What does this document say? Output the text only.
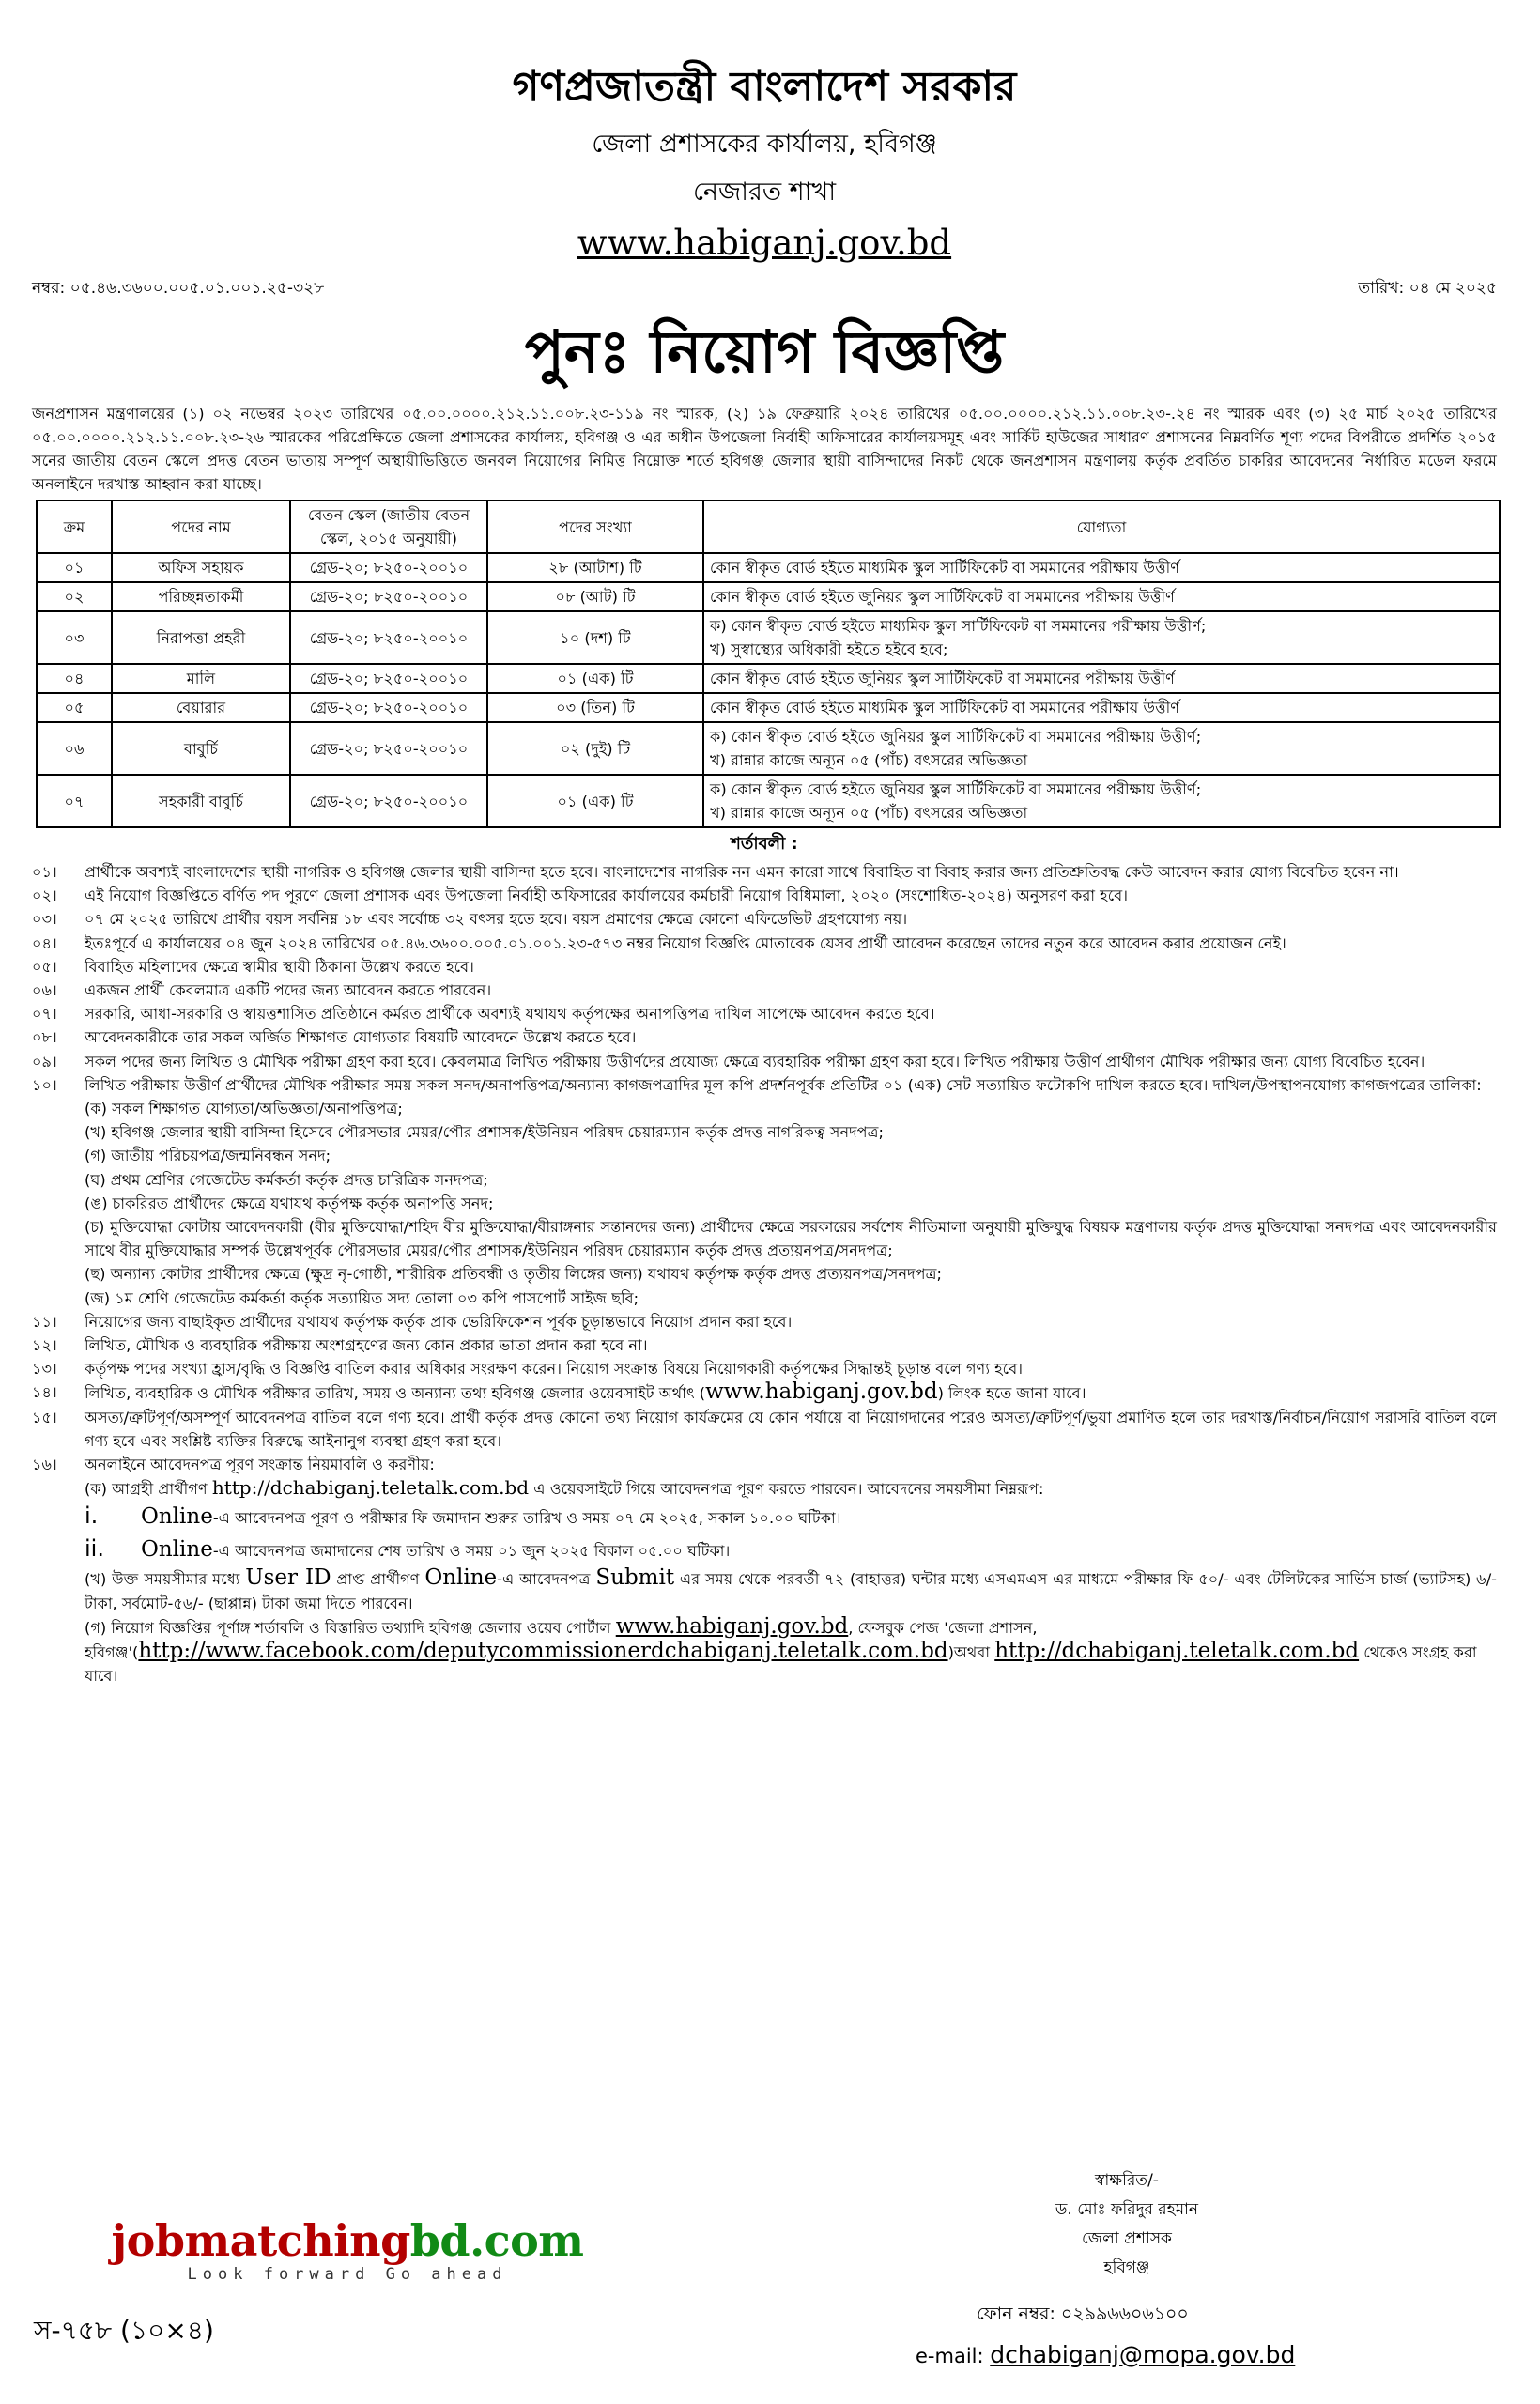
গণপ্রজাতন্ত্রী বাংলাদেশ সরকার
জেলা প্রশাসকের কার্যালয়, হবিগঞ্জ
নেজারত শাখা
www.habiganj.gov.bd
নম্বর: ০৫.৪৬.৩৬০০.০০৫.০১.০০১.২৫-৩২৮	তারিখ: ০৪ মে ২০২৫
পুনঃ নিয়োগ বিজ্ঞপ্তি
জনপ্রশাসন মন্ত্রণালয়ের (১) ০২ নভেম্বর ২০২৩ তারিখের ০৫.০০.০০০০.২১২.১১.০০৮.২৩-১১৯ নং স্মারক, (২) ১৯ ফেব্রুয়ারি ২০২৪ তারিখের ০৫.০০.০০০০.২১২.১১.০০৮.২৩-.২৪ নং স্মারক এবং (৩) ২৫ মার্চ ২০২৫ তারিখের ০৫.০০.০০০০.২১২.১১.০০৮.২৩-২৬ স্মারকের পরিপ্রেক্ষিতে জেলা প্রশাসকের কার্যালয়, হবিগঞ্জ ও এর অধীন উপজেলা নির্বাহী অফিসারের কার্যালয়সমূহ এবং সার্কিট হাউজের সাধারণ প্রশাসনের নিম্নবর্ণিত শূণ্য পদের বিপরীতে প্রদর্শিত ২০১৫ সনের জাতীয় বেতন স্কেলে প্রদত্ত বেতন ভাতায় সম্পূর্ণ অস্থায়ীভিত্তিতে জনবল নিয়োগের নিমিত্ত নিম্নোক্ত শর্তে হবিগঞ্জ জেলার স্থায়ী বাসিন্দাদের নিকট থেকে জনপ্রশাসন মন্ত্রণালয় কর্তৃক প্রবর্তিত চাকরির আবেদনের নির্ধারিত মডেল ফরমে অনলাইনে দরখাস্ত আহ্বান করা যাচ্ছে।
ক্রম	পদের নাম	বেতন স্কেল (জাতীয় বেতন স্কেল, ২০১৫ অনুযায়ী)	পদের সংখ্যা	যোগ্যতা
০১	অফিস সহায়ক	গ্রেড-২০; ৮২৫০-২০০১০	২৮ (আটাশ) টি	কোন স্বীকৃত বোর্ড হইতে মাধ্যমিক স্কুল সার্টিফিকেট বা সমমানের পরীক্ষায় উত্তীর্ণ

০২	পরিচ্ছন্নতাকর্মী	গ্রেড-২০; ৮২৫০-২০০১০	০৮ (আট) টি	কোন স্বীকৃত বোর্ড হইতে জুনিয়র স্কুল সার্টিফিকেট বা সমমানের পরীক্ষায় উত্তীর্ণ

০৩	নিরাপত্তা প্রহরী	গ্রেড-২০; ৮২৫০-২০০১০	১০ (দশ) টি	ক) কোন স্বীকৃত বোর্ড হইতে মাধ্যমিক স্কুল সার্টিফিকেট বা সমমানের পরীক্ষায় উত্তীর্ণ;
খ) সুস্বাস্থ্যের অধিকারী হইতে হইবে হবে;

০৪	মালি	গ্রেড-২০; ৮২৫০-২০০১০	০১ (এক) টি	কোন স্বীকৃত বোর্ড হইতে জুনিয়র স্কুল সার্টিফিকেট বা সমমানের পরীক্ষায় উত্তীর্ণ

০৫	বেয়ারার	গ্রেড-২০; ৮২৫০-২০০১০	০৩ (তিন) টি	কোন স্বীকৃত বোর্ড হইতে মাধ্যমিক স্কুল সার্টিফিকেট বা সমমানের পরীক্ষায় উত্তীর্ণ

০৬	বাবুর্চি	গ্রেড-২০; ৮২৫০-২০০১০	০২ (দুই) টি	ক) কোন স্বীকৃত বোর্ড হইতে জুনিয়র স্কুল সার্টিফিকেট বা সমমানের পরীক্ষায় উত্তীর্ণ;
খ) রান্নার কাজে অন্যূন ০৫ (পাঁচ) বৎসরের অভিজ্ঞতা

০৭	সহকারী বাবুর্চি	গ্রেড-২০; ৮২৫০-২০০১০	০১ (এক) টি	ক) কোন স্বীকৃত বোর্ড হইতে জুনিয়র স্কুল সার্টিফিকেট বা সমমানের পরীক্ষায় উত্তীর্ণ;
খ) রান্নার কাজে অন্যূন ০৫ (পাঁচ) বৎসরের অভিজ্ঞতা
শর্তাবলী :
০১।	প্রার্থীকে অবশ্যই বাংলাদেশের স্থায়ী নাগরিক ও হবিগঞ্জ জেলার স্থায়ী বাসিন্দা হতে হবে। বাংলাদেশের নাগরিক নন এমন কারো সাথে বিবাহিত বা বিবাহ করার জন্য প্রতিশ্রুতিবদ্ধ কেউ আবেদন করার যোগ্য বিবেচিত হবেন না।
০২।	এই নিয়োগ বিজ্ঞপ্তিতে বর্ণিত পদ পূরণে জেলা প্রশাসক এবং উপজেলা নির্বাহী অফিসারের কার্যালয়ের কর্মচারী নিয়োগ বিধিমালা, ২০২০ (সংশোধিত-২০২৪) অনুসরণ করা হবে।
০৩।	০৭ মে ২০২৫ তারিখে প্রার্থীর বয়স সর্বনিম্ন ১৮ এবং সর্বোচ্চ ৩২ বৎসর হতে হবে। বয়স প্রমাণের ক্ষেত্রে কোনো এফিডেভিট গ্রহণযোগ্য নয়।
০৪।	ইতঃপূর্বে এ কার্যালয়ের ০৪ জুন ২০২৪ তারিখের ০৫.৪৬.৩৬০০.০০৫.০১.০০১.২৩-৫৭৩ নম্বর নিয়োগ বিজ্ঞপ্তি মোতাবেক যেসব প্রার্থী আবেদন করেছেন তাদের নতুন করে আবেদন করার প্রয়োজন নেই।
০৫।	বিবাহিত মহিলাদের ক্ষেত্রে স্বামীর স্থায়ী ঠিকানা উল্লেখ করতে হবে।
০৬।	একজন প্রার্থী কেবলমাত্র একটি পদের জন্য আবেদন করতে পারবেন।
০৭।	সরকারি, আধা-সরকারি ও স্বায়ত্তশাসিত প্রতিষ্ঠানে কর্মরত প্রার্থীকে অবশ্যই যথাযথ কর্তৃপক্ষের অনাপত্তিপত্র দাখিল সাপেক্ষে আবেদন করতে হবে।
০৮।	আবেদনকারীকে তার সকল অর্জিত শিক্ষাগত যোগ্যতার বিষয়টি আবেদনে উল্লেখ করতে হবে।
০৯।	সকল পদের জন্য লিখিত ও মৌখিক পরীক্ষা গ্রহণ করা হবে। কেবলমাত্র লিখিত পরীক্ষায় উত্তীর্ণদের প্রযোজ্য ক্ষেত্রে ব্যবহারিক পরীক্ষা গ্রহণ করা হবে। লিখিত পরীক্ষায় উত্তীর্ণ প্রার্থীগণ মৌখিক পরীক্ষার জন্য যোগ্য বিবেচিত হবেন।
১০।	লিখিত পরীক্ষায় উত্তীর্ণ প্রার্থীদের মৌখিক পরীক্ষার সময় সকল সনদ/অনাপত্তিপত্র/অন্যান্য কাগজপত্রাদির মূল কপি প্রদর্শনপূর্বক প্রতিটির ০১ (এক) সেট সত্যায়িত ফটোকপি দাখিল করতে হবে। দাখিল/উপস্থাপনযোগ্য কাগজপত্রের তালিকা:
(ক) সকল শিক্ষাগত যোগ্যতা/অভিজ্ঞতা/অনাপত্তিপত্র;
(খ) হবিগঞ্জ জেলার স্থায়ী বাসিন্দা হিসেবে পৌরসভার মেয়র/পৌর প্রশাসক/ইউনিয়ন পরিষদ চেয়ারম্যান কর্তৃক প্রদত্ত নাগরিকত্ব সনদপত্র;
(গ) জাতীয় পরিচয়পত্র/জন্মনিবন্ধন সনদ;
(ঘ) প্রথম শ্রেণির গেজেটেড কর্মকর্তা কর্তৃক প্রদত্ত চারিত্রিক সনদপত্র;
(ঙ) চাকরিরত প্রার্থীদের ক্ষেত্রে যথাযথ কর্তৃপক্ষ কর্তৃক অনাপত্তি সনদ;
(চ) মুক্তিযোদ্ধা কোটায় আবেদনকারী (বীর মুক্তিযোদ্ধা/শহিদ বীর মুক্তিযোদ্ধা/বীরাঙ্গনার সন্তানদের জন্য) প্রার্থীদের ক্ষেত্রে সরকারের সর্বশেষ নীতিমালা অনুযায়ী মুক্তিযুদ্ধ বিষয়ক মন্ত্রণালয় কর্তৃক প্রদত্ত মুক্তিযোদ্ধা সনদপত্র এবং আবেদনকারীর সাথে বীর মুক্তিযোদ্ধার সম্পর্ক উল্লেখপূর্বক পৌরসভার মেয়র/পৌর প্রশাসক/ইউনিয়ন পরিষদ চেয়ারম্যান কর্তৃক প্রদত্ত প্রত্যয়নপত্র/সনদপত্র;
(ছ) অন্যান্য কোটার প্রার্থীদের ক্ষেত্রে (ক্ষুদ্র নৃ-গোষ্ঠী, শারীরিক প্রতিবন্ধী ও তৃতীয় লিঙ্গের জন্য) যথাযথ কর্তৃপক্ষ কর্তৃক প্রদত্ত প্রত্যয়নপত্র/সনদপত্র;
(জ) ১ম শ্রেণি গেজেটেড কর্মকর্তা কর্তৃক সত্যায়িত সদ্য তোলা ০৩ কপি পাসপোর্ট সাইজ ছবি;
১১।	নিয়োগের জন্য বাছাইকৃত প্রার্থীদের যথাযথ কর্তৃপক্ষ কর্তৃক প্রাক ভেরিফিকেশন পূর্বক চূড়ান্তভাবে নিয়োগ প্রদান করা হবে।
১২।	লিখিত, মৌখিক ও ব্যবহারিক পরীক্ষায় অংশগ্রহণের জন্য কোন প্রকার ভাতা প্রদান করা হবে না।
১৩।	কর্তৃপক্ষ পদের সংখ্যা হ্রাস/বৃদ্ধি ও বিজ্ঞপ্তি বাতিল করার অধিকার সংরক্ষণ করেন। নিয়োগ সংক্রান্ত বিষয়ে নিয়োগকারী কর্তৃপক্ষের সিদ্ধান্তই চূড়ান্ত বলে গণ্য হবে।
১৪।	লিখিত, ব্যবহারিক ও মৌখিক পরীক্ষার তারিখ, সময় ও অন্যান্য তথ্য হবিগঞ্জ জেলার ওয়েবসাইট অর্থাৎ (www.habiganj.gov.bd) লিংক হতে জানা যাবে।
১৫।	অসত্য/ত্রুটিপূর্ণ/অসম্পূর্ণ আবেদনপত্র বাতিল বলে গণ্য হবে। প্রার্থী কর্তৃক প্রদত্ত কোনো তথ্য নিয়োগ কার্যক্রমের যে কোন পর্যায়ে বা নিয়োগদানের পরেও অসত্য/ত্রুটিপূর্ণ/ভুয়া প্রমাণিত হলে তার দরখাস্ত/নির্বাচন/নিয়োগ সরাসরি বাতিল বলে গণ্য হবে এবং সংশ্লিষ্ট ব্যক্তির বিরুদ্ধে আইনানুগ ব্যবস্থা গ্রহণ করা হবে।
১৬।	অনলাইনে আবেদনপত্র পূরণ সংক্রান্ত নিয়মাবলি ও করণীয়:
(ক) আগ্রহী প্রার্থীগণ http://dchabiganj.teletalk.com.bd এ ওয়েবসাইটে গিয়ে আবেদনপত্র পূরণ করতে পারবেন। আবেদনের সময়সীমা নিম্নরূপ:
i.	Online-এ আবেদনপত্র পূরণ ও পরীক্ষার ফি জমাদান শুরুর তারিখ ও সময় ০৭ মে ২০২৫, সকাল ১০.০০ ঘটিকা।
ii.	Online-এ আবেদনপত্র জমাদানের শেষ তারিখ ও সময় ০১ জুন ২০২৫ বিকাল ০৫.০০ ঘটিকা।
(খ) উক্ত সময়সীমার মধ্যে User ID প্রাপ্ত প্রার্থীগণ Online-এ আবেদনপত্র Submit এর সময় থেকে পরবর্তী ৭২ (বাহাত্তর) ঘন্টার মধ্যে এসএমএস এর মাধ্যমে পরীক্ষার ফি ৫০/- এবং টেলিটকের সার্ভিস চার্জ (ভ্যাটসহ) ৬/- টাকা, সর্বমোট-৫৬/- (ছাপ্পান্ন) টাকা জমা দিতে পারবেন।
(গ) নিয়োগ বিজ্ঞপ্তির পূর্ণাঙ্গ শর্তাবলি ও বিস্তারিত তথ্যাদি হবিগঞ্জ জেলার ওয়েব পোর্টাল www.habiganj.gov.bd, ফেসবুক পেজ 'জেলা প্রশাসন, হবিগঞ্জ'(http://www.facebook.com/deputycommissionerdchabiganj.teletalk.com.bd)অথবা http://dchabiganj.teletalk.com.bd থেকেও সংগ্রহ করা যাবে।
স্বাক্ষরিত/-
ড. মোঃ ফরিদুর রহমান
জেলা প্রশাসক
হবিগঞ্জ
jobmatchingbd.com
Look forward Go ahead
স-৭৫৮ (১০×৪)
ফোন নম্বর: ০২৯৯৬৬০৬১০০
e-mail: dchabiganj@mopa.gov.bd
